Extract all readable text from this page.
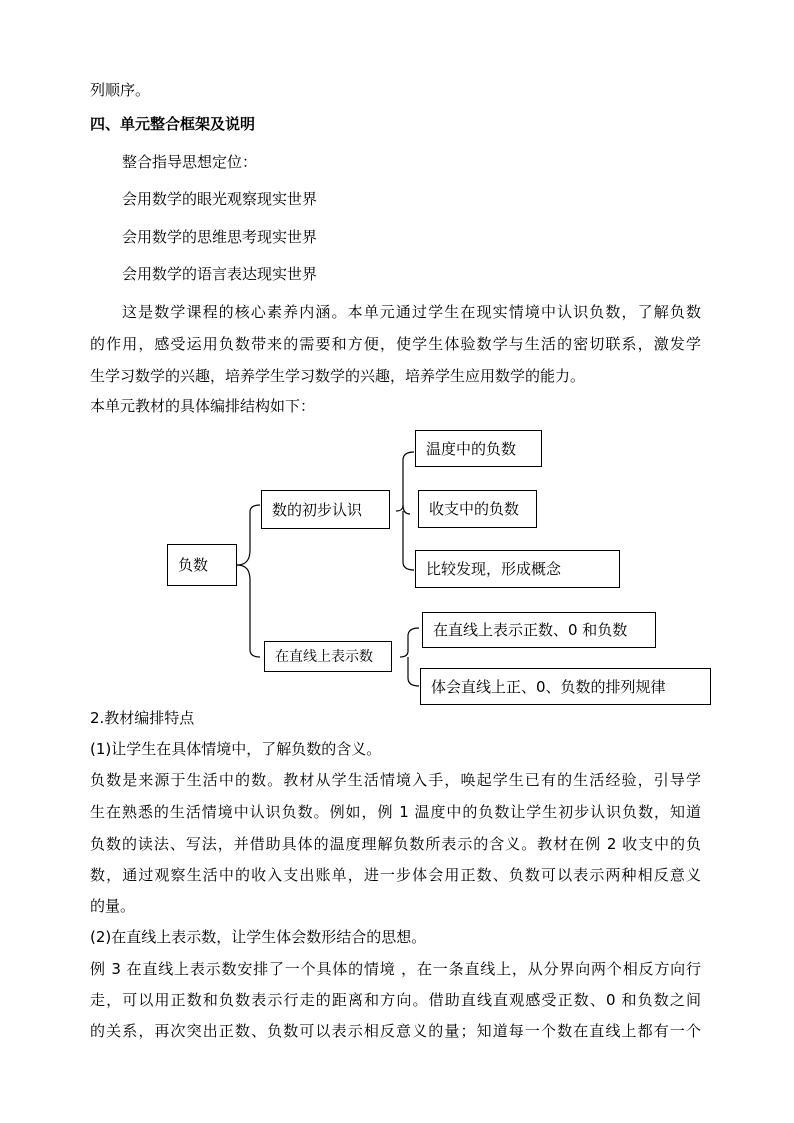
列顺序。
四、单元整合框架及说明
整合指导思想定位：
会用数学的眼光观察现实世界
会用数学的思维思考现实世界
会用数学的语言表达现实世界
这是数学课程的核心素养内涵。本单元通过学生在现实情境中认识负数，了解负数
的作用，感受运用负数带来的需要和方便，使学生体验数学与生活的密切联系，激发学
生学习数学的兴趣，培养学生学习数学的兴趣，培养学生应用数学的能力。
本单元教材的具体编排结构如下：
负数
数的初步认识
在直线上表示数
温度中的负数
收支中的负数
比较发现，形成概念
在直线上表示正数、0 和负数
体会直线上正、0、负数的排列规律
2.教材编排特点
(1)让学生在具体情境中，了解负数的含义。
负数是来源于生活中的数。教材从学生活情境入手，唤起学生已有的生活经验，引导学
生在熟悉的生活情境中认识负数。例如，例 1 温度中的负数让学生初步认识负数，知道
负数的读法、写法，并借助具体的温度理解负数所表示的含义。教材在例 2 收支中的负
数，通过观察生活中的收入支出账单，进一步体会用正数、负数可以表示两种相反意义
的量。
(2)在直线上表示数，让学生体会数形结合的思想。
例 3 在直线上表示数安排了一个具体的情境 ，在一条直线上，从分界向两个相反方向行
走，可以用正数和负数表示行走的距离和方向。借助直线直观感受正数、0 和负数之间
的关系，再次突出正数、负数可以表示相反意义的量；知道每一个数在直线上都有一个
